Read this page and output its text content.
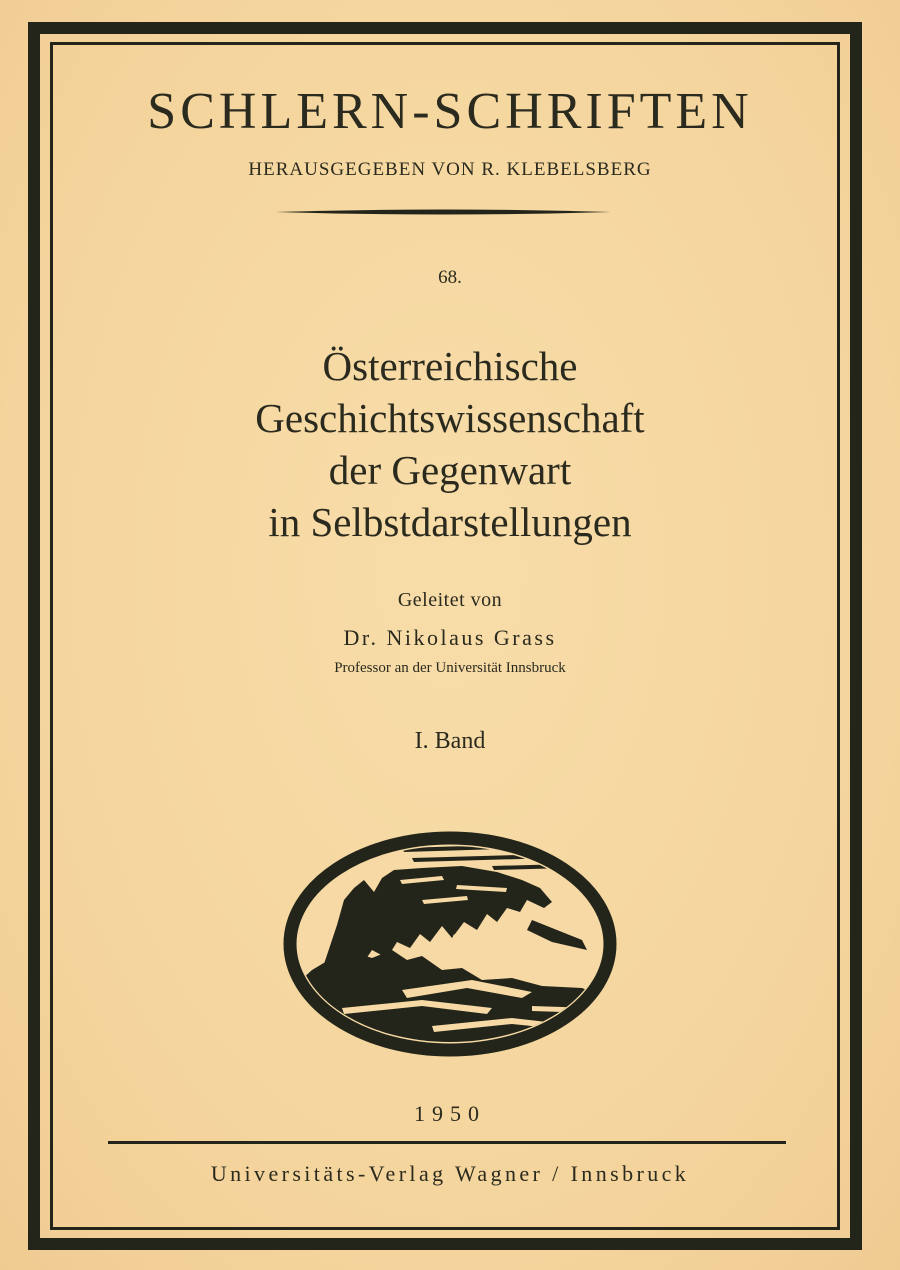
SCHLERN-SCHRIFTEN
HERAUSGEGEBEN VON R. KLEBELSBERG
68.
Österreichische
Geschichtswissenschaft
der Gegenwart
in Selbstdarstellungen
Geleitet von
Dr. Nikolaus Grass
Professor an der Universität Innsbruck
I. Band
1950
Universitäts-Verlag Wagner / Innsbruck
